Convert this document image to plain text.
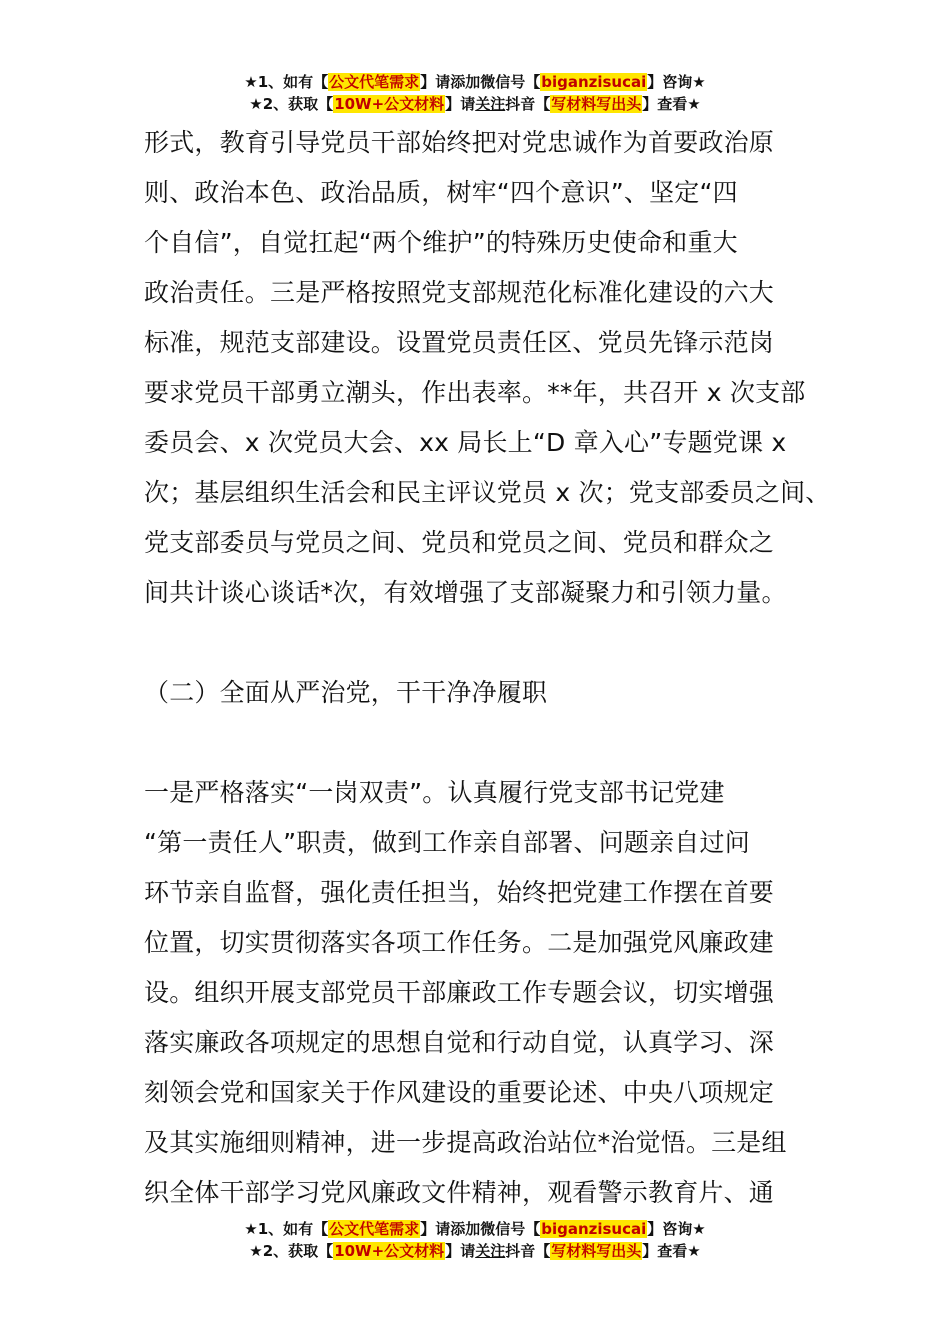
★1、如有【公文代笔需求】请添加微信号【biganzisucai】咨询★
★2、获取【10W+公文材料】请关注抖音【写材料写出头】查看★
形式，教育引导党员干部始终把对党忠诚作为首要政治原
则、政治本色、政治品质，树牢“四个意识”、坚定“四
个自信”，自觉扛起“两个维护”的特殊历史使命和重大
政治责任。三是严格按照党支部规范化标准化建设的六大
标准，规范支部建设。设置党员责任区、党员先锋示范岗
要求党员干部勇立潮头，作出表率。**年，共召开 x 次支部
委员会、x 次党员大会、xx 局长上“D 章入心”专题党课 x
次；基层组织生活会和民主评议党员 x 次；党支部委员之间、
党支部委员与党员之间、党员和党员之间、党员和群众之
间共计谈心谈话*次，有效增强了支部凝聚力和引领力量。
（二）全面从严治党，干干净净履职
一是严格落实“一岗双责”。认真履行党支部书记党建
“第一责任人”职责，做到工作亲自部署、问题亲自过问
环节亲自监督，强化责任担当，始终把党建工作摆在首要
位置，切实贯彻落实各项工作任务。二是加强党风廉政建
设。组织开展支部党员干部廉政工作专题会议，切实增强
落实廉政各项规定的思想自觉和行动自觉，认真学习、深
刻领会党和国家关于作风建设的重要论述、中央八项规定
及其实施细则精神，进一步提高政治站位*治觉悟。三是组
织全体干部学习党风廉政文件精神，观看警示教育片、通
★1、如有【公文代笔需求】请添加微信号【biganzisucai】咨询★
★2、获取【10W+公文材料】请关注抖音【写材料写出头】查看★
